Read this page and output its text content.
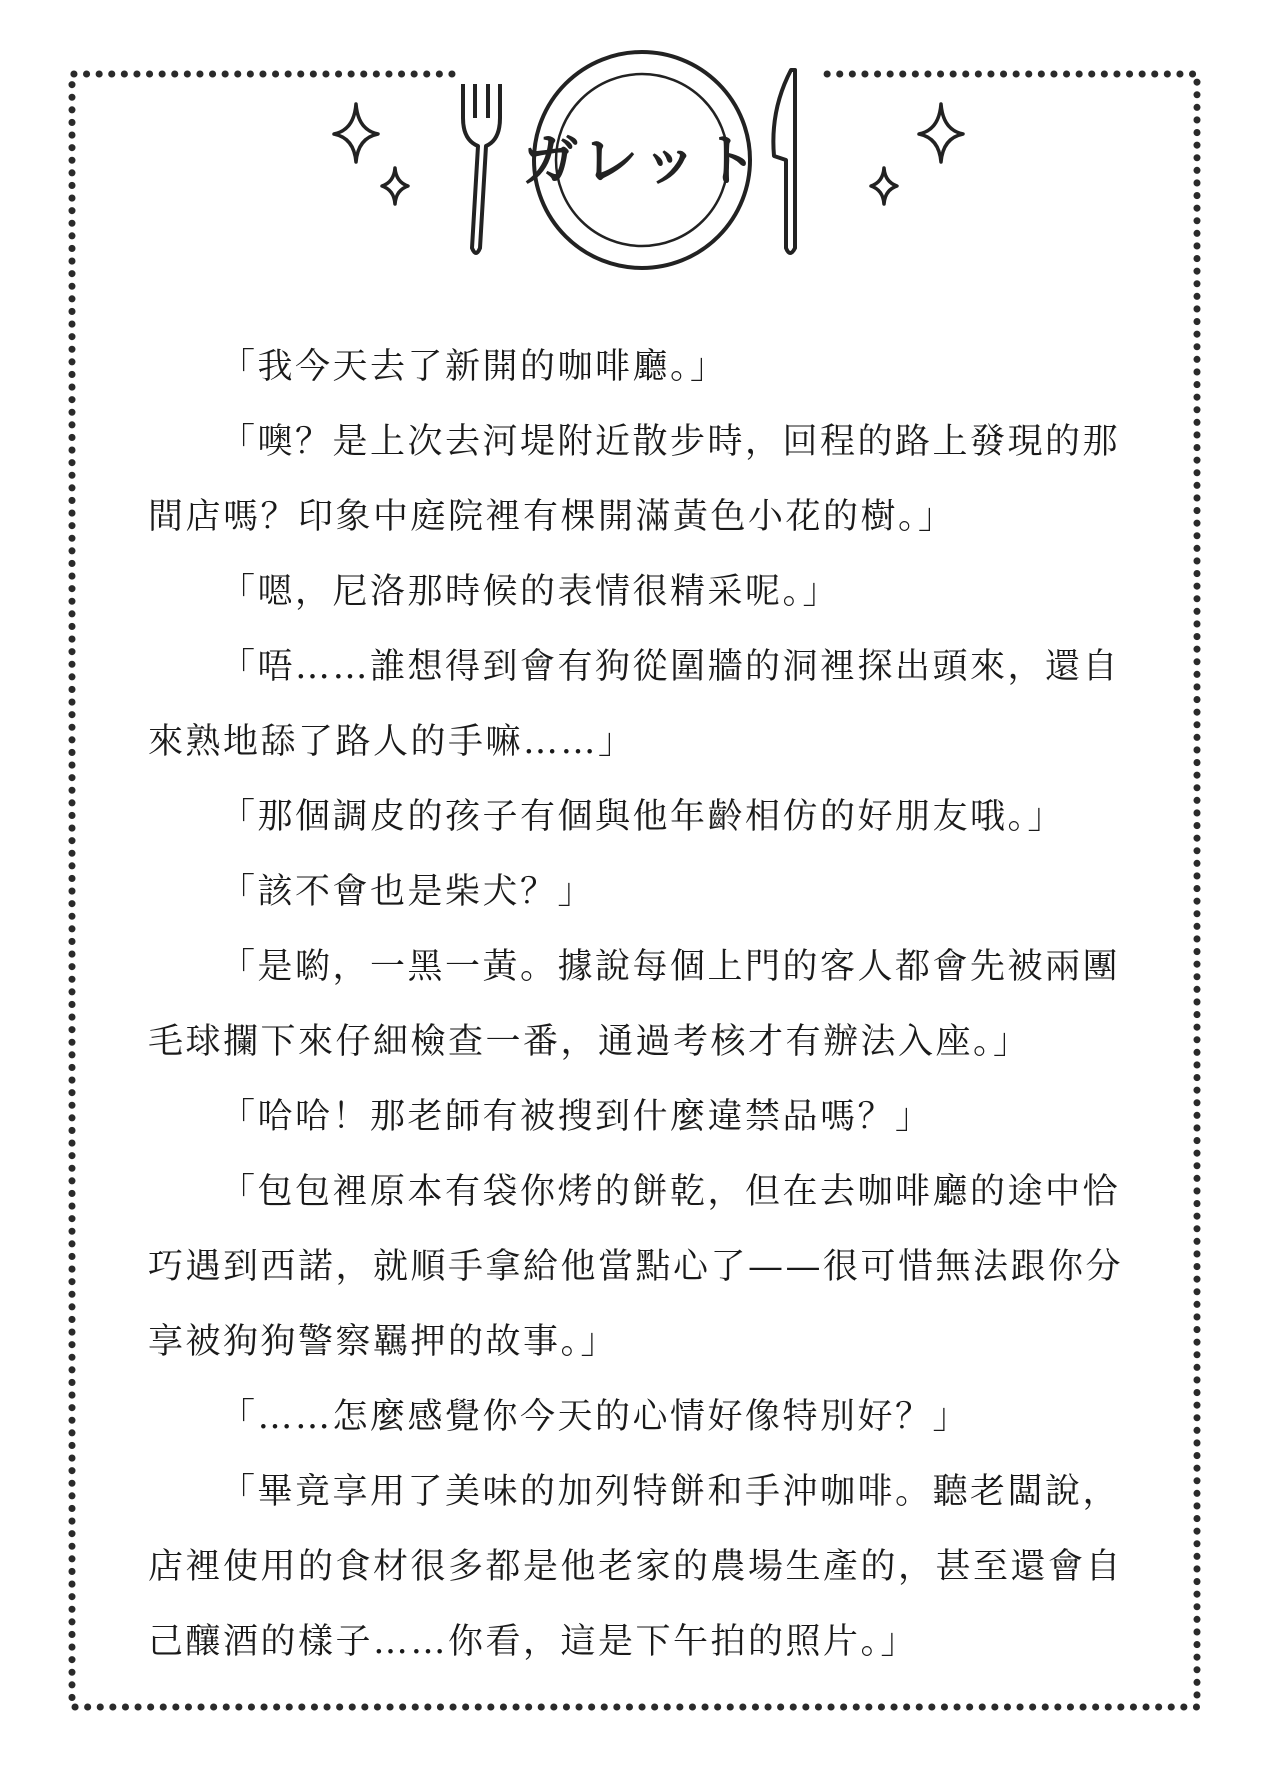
ガレット

「我今天去了新開的咖啡廳。」

「噢？是上次去河堤附近散步時，回程的路上發現的那間店嗎？印象中庭院裡有棵開滿黃色小花的樹。」

「嗯，尼洛那時候的表情很精采呢。」

「唔……誰想得到會有狗從圍牆的洞裡探出頭來，還自來熟地舔了路人的手嘛……」

「那個調皮的孩子有個與他年齡相仿的好朋友哦。」

「該不會也是柴犬？」

「是喲，一黑一黃。據說每個上門的客人都會先被兩團毛球攔下來仔細檢查一番，通過考核才有辦法入座。」

「哈哈！那老師有被搜到什麼違禁品嗎？」

「包包裡原本有袋你烤的餅乾，但在去咖啡廳的途中恰巧遇到西諾，就順手拿給他當點心了——很可惜無法跟你分享被狗狗警察羈押的故事。」

「……怎麼感覺你今天的心情好像特別好？」

「畢竟享用了美味的加列特餅和手沖咖啡。聽老闆說，店裡使用的食材很多都是他老家的農場生產的，甚至還會自己釀酒的樣子……你看，這是下午拍的照片。」
